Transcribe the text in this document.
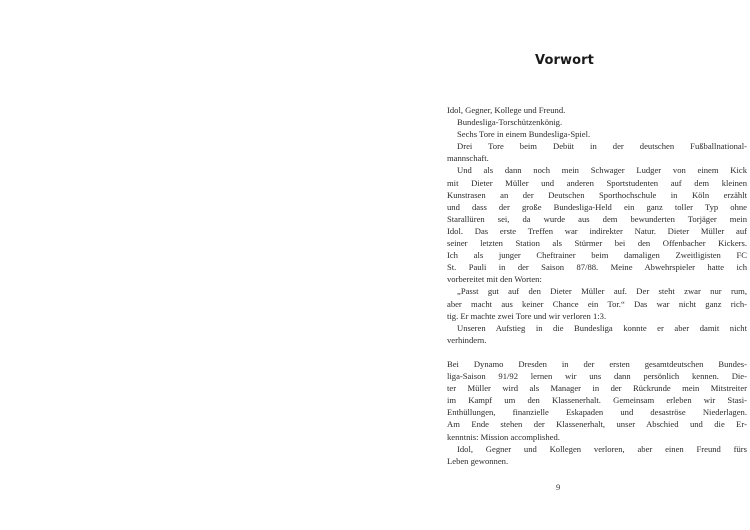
Vorwort
Idol, Gegner, Kollege und Freund.
Bundesliga-Torschützenkönig.
Sechs Tore in einem Bundesliga-Spiel.
Drei Tore beim Debüt in der deutschen Fußballnational-
mannschaft.
Und als dann noch mein Schwager Ludger von einem Kick
mit Dieter Müller und anderen Sportstudenten auf dem kleinen
Kunstrasen an der Deutschen Sporthochschule in Köln erzählt
und dass der große Bundesliga-Held ein ganz toller Typ ohne
Starallüren sei, da wurde aus dem bewunderten Torjäger mein
Idol. Das erste Treffen war indirekter Natur. Dieter Müller auf
seiner letzten Station als Stürmer bei den Offenbacher Kickers.
Ich als junger Cheftrainer beim damaligen Zweitligisten FC
St. Pauli in der Saison 87/88. Meine Abwehrspieler hatte ich
vorbereitet mit den Worten:
„Passt gut auf den Dieter Müller auf. Der steht zwar nur rum,
aber macht aus keiner Chance ein Tor.“ Das war nicht ganz rich-
tig. Er machte zwei Tore und wir verloren 1:3.
Unseren Aufstieg in die Bundesliga konnte er aber damit nicht
verhindern.
Bei Dynamo Dresden in der ersten gesamtdeutschen Bundes-
liga-Saison 91/92 lernen wir uns dann persönlich kennen. Die-
ter Müller wird als Manager in der Rückrunde mein Mitstreiter
im Kampf um den Klassenerhalt. Gemeinsam erleben wir Stasi-
Enthüllungen, finanzielle Eskapaden und desaströse Niederlagen.
Am Ende stehen der Klassenerhalt, unser Abschied und die Er-
kenntnis: Mission accomplished.
Idol, Gegner und Kollegen verloren, aber einen Freund fürs
Leben gewonnen.
9
